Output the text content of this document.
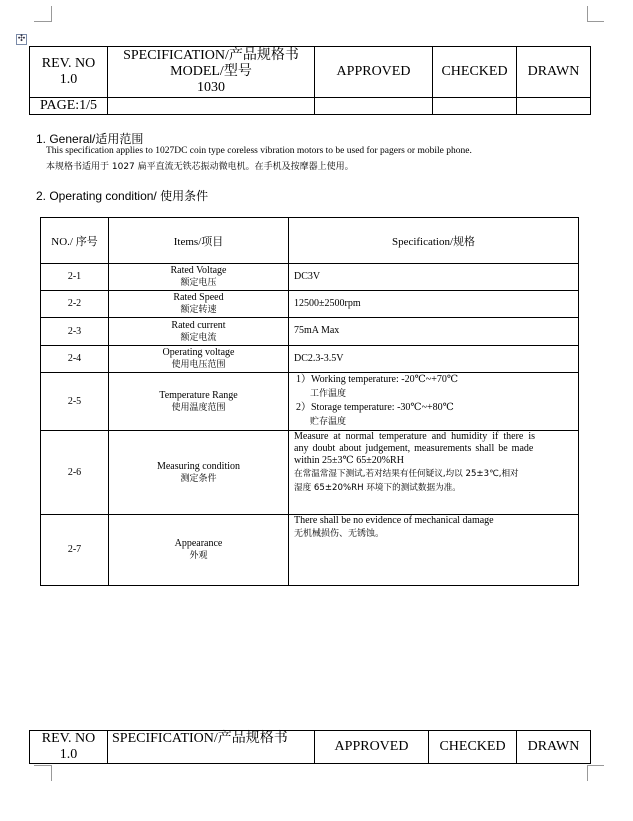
✣
REV. NO
1.0
PAGE:1/5
SPECIFICATION/产品规格书
MODEL/型号
1030
APPROVED CHECKED DRAWN
1. General/适用范围
This specification applies to 1027DC coin type coreless vibration motors to be used for pagers or mobile phone.
本规格书适用于 1027 扁平直流无铁芯振动微电机。在手机及按摩器上使用。
2. Operating condition/ 使用条件
NO./ 序号	Items/项目	Specification/规格
2-1
Rated Voltage
额定电压
DC3V
2-2
Rated Speed
额定转速
12500±2500rpm
2-3
Rated current
额定电流
75mA Max
2-4
Operating voltage
使用电压范围
DC2.3-3.5V
2-5
Temperature Range
使用温度范围
1）Working temperature: -20℃~+70℃
工作温度
2）Storage temperature: -30℃~+80℃
贮存温度
2-6
Measuring condition
测定条件
Measure at normal temperature and humidity if there is
any doubt about judgement, measurements shall be made
within 25±3℃ 65±20%RH
在常温常湿下测试,若对结果有任何疑议,均以 25±3℃,相对
湿度 65±20%RH 环境下的测试数据为准。
2-7
Appearance
外观
There shall be no evidence of mechanical damage
无机械损伤、无锈蚀。
REV. NO
1.0
SPECIFICATION/产品规格书
APPROVED CHECKED DRAWN
